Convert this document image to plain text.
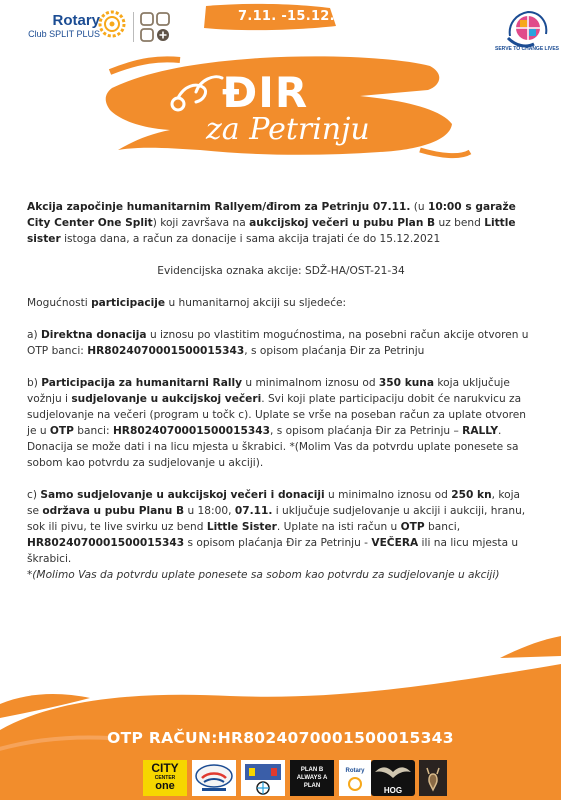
Rotary
Club SPLIT PLUS
7.11. -15.12.2021
SERVE TO CHANGE LIVES
ĐIR
za Petrinju

Akcija započinje humanitarnim Rallyem/đirom za Petrinju 07.11. (u 10:00 s garaže City Center One Split) koji završava na aukcijskoj večeri u pubu Plan B uz bend Little sister istoga dana, a račun za donacije i sama akcija trajati će do 15.12.2021

Evidencijska oznaka akcije: SDŽ-HA/OST-21-34

Mogućnosti participacije u humanitarnoj akciji su sljedeće:

a) Direktna donacija u iznosu po vlastitim mogućnostima, na posebni račun akcije otvoren u OTP banci: HR8024070001500015343, s opisom plaćanja Đir za Petrinju

b) Participacija za humanitarni Rally u minimalnom iznosu od 350 kuna koja uključuje vožnju i sudjelovanje u aukcijskoj večeri. Svi koji plate participaciju dobit će narukvicu za sudjelovanje na večeri (program u točk c). Uplate se vrše na poseban račun za uplate otvoren je u OTP banci: HR8024070001500015343, s opisom plaćanja Đir za Petrinju – RALLY. Donacija se može dati i na licu mjesta u škrabici. *(Molim Vas da potvrdu uplate ponesete sa sobom kao potvrdu za sudjelovanje u akciji).

c) Samo sudjelovanje u aukcijskoj večeri i donaciji u minimalno iznosu od 250 kn, koja se održava u pubu Planu B u 18:00, 07.11. i uključuje sudjelovanje u akciji i aukciji, hranu, sok ili pivu, te live svirku uz bend Little Sister. Uplate na isti račun u OTP banci, HR8024070001500015343 s opisom plaćanja Đir za Petrinju - VEČERA ili na licu mjesta u škrabici.
*(Molimo Vas da potvrdu uplate ponesete sa sobom kao potvrdu za sudjelovanje u akciji)

OTP RAČUN:HR8024070001500015343
CITY
CENTER
one
PLAN B ALWAYS A PLAN
Rotary
HOG
